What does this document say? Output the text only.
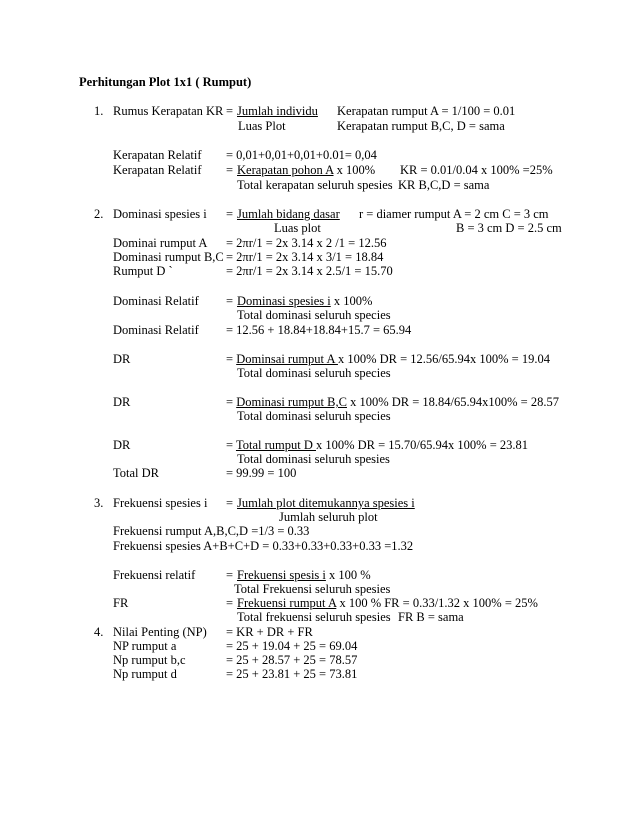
Perhitungan Plot 1x1 ( Rumput)
1. Rumus Kerapatan KR = Jumlah individu Kerapatan rumput A = 1/100 = 0.01
Luas Plot	Kerapatan rumput B,C, D = sama
Kerapatan Relatif = 0,01+0,01+0,01+0.01= 0,04
Kerapatan Relatif = Kerapatan pohon A x 100% KR = 0.01/0.04 x 100% =25%
Total kerapatan seluruh spesies KR B,C,D = sama
2. Dominasi spesies i = Jumlah bidang dasar r = diamer rumput A = 2 cm C = 3 cm
Luas plot	B = 3 cm D = 2.5 cm
Dominai rumput A = 2πr/1 = 2x 3.14 x 2 /1 = 12.56
Dominasi rumput B,C = 2πr/1 = 2x 3.14 x 3/1 = 18.84
Rumput D `	= 2πr/1 = 2x 3.14 x 2.5/1 = 15.70
Dominasi Relatif = Dominasi spesies i x 100%
Total dominasi seluruh species
Dominasi Relatif = 12.56 + 18.84+18.84+15.7 = 65.94
DR	= Dominsai rumput A x 100% DR = 12.56/65.94x 100% = 19.04
Total dominasi seluruh species
DR	= Dominasi rumput B,C x 100% DR = 18.84/65.94x100% = 28.57
Total dominasi seluruh species
DR	= Total rumput D x 100% DR = 15.70/65.94x 100% = 23.81
Total dominasi seluruh spesies
Total DR	= 99.99 = 100
3. Frekuensi spesies i = Jumlah plot ditemukannya spesies i
Jumlah seluruh plot
Frekuensi rumput A,B,C,D =1/3 = 0.33
Frekuensi spesies A+B+C+D = 0.33+0.33+0.33+0.33 =1.32
Frekuensi relatif = Frekuensi spesis i x 100 %
Total Frekuensi seluruh spesies
FR	= Frekuensi rumput A x 100 % FR = 0.33/1.32 x 100% = 25%
Total frekuensi seluruh spesies FR B = sama
4. Nilai Penting (NP) = KR + DR + FR
NP rumput a	= 25 + 19.04 + 25 = 69.04
Np rumput b,c	= 25 + 28.57 + 25 = 78.57
Np rumput d	= 25 + 23.81 + 25 = 73.81
